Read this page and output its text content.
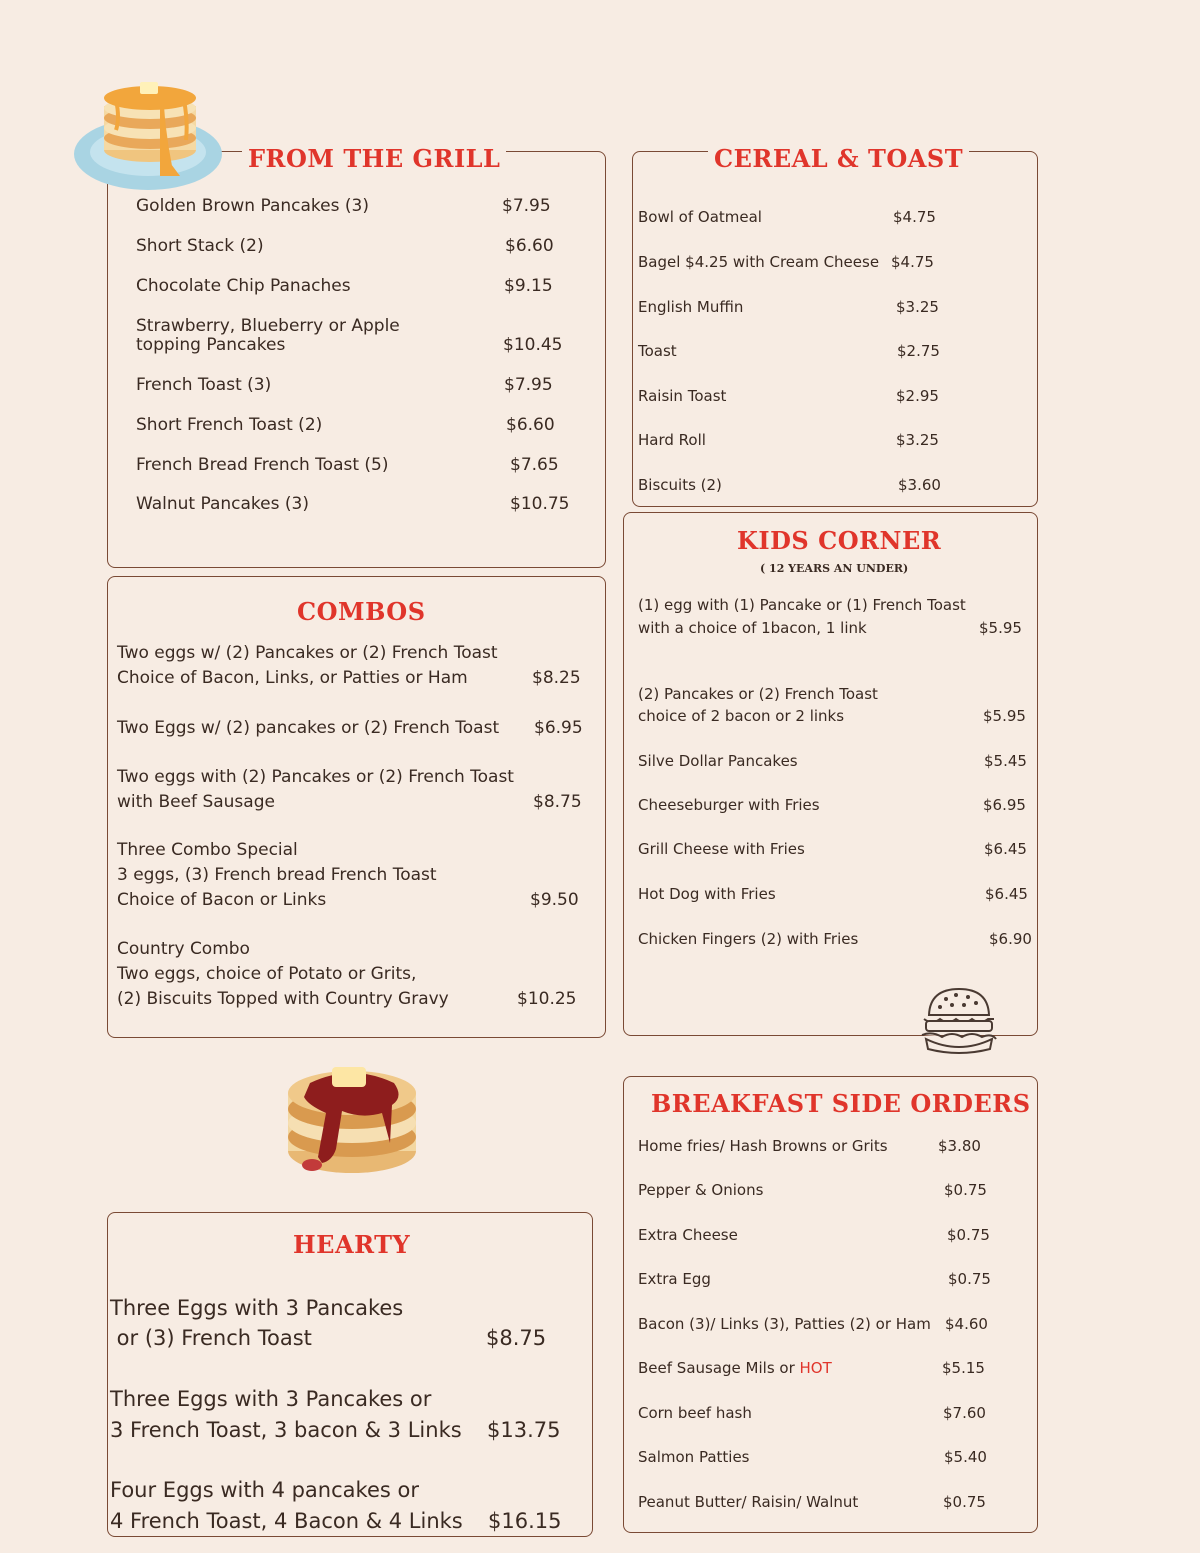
FROM THE GRILL
Golden Brown Pancakes (3)	$7.95
Short Stack (2)	$6.60
Chocolate Chip Panaches	$9.15
Strawberry, Blueberry or Apple
topping Pancakes	$10.45
French Toast (3)	$7.95
Short French Toast (2)	$6.60
French Bread French Toast (5)	$7.65
Walnut Pancakes (3)	$10.75
CEREAL & TOAST
Bowl of Oatmeal	$4.75
Bagel $4.25 with Cream Cheese $4.75
English Muffin	$3.25
Toast	$2.75
Raisin Toast	$2.95
Hard Roll	$3.25
Biscuits (2)	$3.60
COMBOS
Two eggs w/ (2) Pancakes or (2) French Toast
Choice of Bacon, Links, or Patties or Ham	$8.25
Two Eggs w/ (2) pancakes or (2) French Toast $6.95
Two eggs with (2) Pancakes or (2) French Toast
with Beef Sausage	$8.75
Three Combo Special
3 eggs, (3) French bread French Toast
Choice of Bacon or Links	$9.50
Country Combo
Two eggs, choice of Potato or Grits,
(2) Biscuits Topped with Country Gravy	$10.25
KIDS CORNER
( 12 YEARS AN UNDER)
(1) egg with (1) Pancake or (1) French Toast
with a choice of 1bacon, 1 link	$5.95
(2) Pancakes or (2) French Toast
choice of 2 bacon or 2 links	$5.95
Silve Dollar Pancakes	$5.45
Cheeseburger with Fries	$6.95
Grill Cheese with Fries	$6.45
Hot Dog with Fries	$6.45
Chicken Fingers (2) with Fries	$6.90
HEARTY
Three Eggs with 3 Pancakes
or (3) French Toast	$8.75
Three Eggs with 3 Pancakes or
3 French Toast, 3 bacon & 3 Links $13.75
Four Eggs with 4 pancakes or
4 French Toast, 4 Bacon & 4 Links $16.15
BREAKFAST SIDE ORDERS
Home fries/ Hash Browns or Grits	$3.80
Pepper & Onions	$0.75
Extra Cheese	$0.75
Extra Egg	$0.75
Bacon (3)/ Links (3), Patties (2) or Ham $4.60
Beef Sausage Mils or HOT	$5.15
Corn beef hash	$7.60
Salmon Patties	$5.40
Peanut Butter/ Raisin/ Walnut	$0.75
